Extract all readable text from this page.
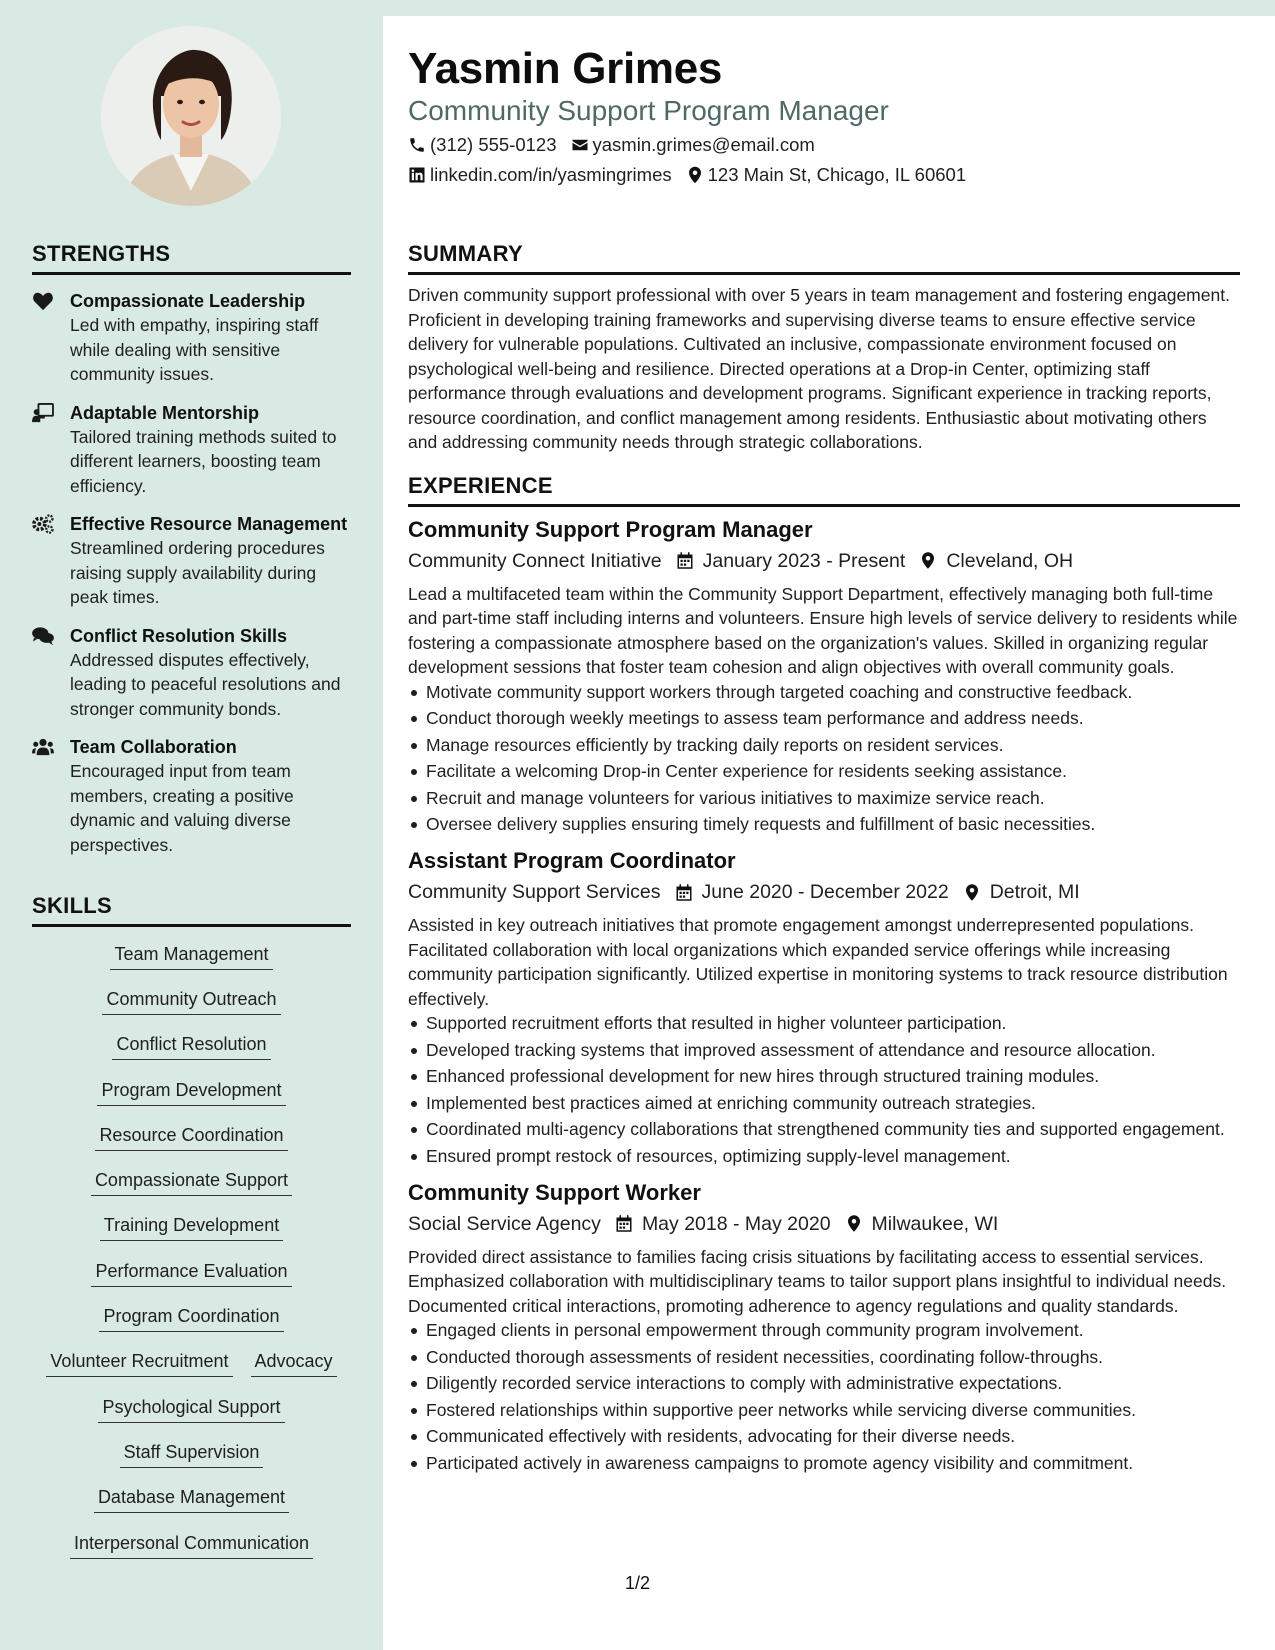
STRENGTHS
Compassionate Leadership
Led with empathy, inspiring staff while dealing with sensitive community issues.
Adaptable Mentorship
Tailored training methods suited to different learners, boosting team efficiency.
Effective Resource Management
Streamlined ordering procedures raising supply availability during peak times.
Conflict Resolution Skills
Addressed disputes effectively, leading to peaceful resolutions and stronger community bonds.
Team Collaboration
Encouraged input from team members, creating a positive dynamic and valuing diverse perspectives.
SKILLS
Team Management
Community Outreach
Conflict Resolution
Program Development
Resource Coordination
Compassionate Support
Training Development
Performance Evaluation
Program Coordination
Volunteer Recruitment Advocacy
Psychological Support
Staff Supervision
Database Management
Interpersonal Communication
Yasmin Grimes
Community Support Program Manager
(312) 555-0123 yasmin.grimes@email.com
linkedin.com/in/yasmingrimes 123 Main St, Chicago, IL 60601
SUMMARY
Driven community support professional with over 5 years in team management and fostering engagement. Proficient in developing training frameworks and supervising diverse teams to ensure effective service delivery for vulnerable populations. Cultivated an inclusive, compassionate environment focused on psychological well-being and resilience. Directed operations at a Drop-in Center, optimizing staff performance through evaluations and development programs. Significant experience in tracking reports, resource coordination, and conflict management among residents. Enthusiastic about motivating others and addressing community needs through strategic collaborations.
EXPERIENCE
Community Support Program Manager
Community Connect Initiative January 2023 - Present Cleveland, OH
Lead a multifaceted team within the Community Support Department, effectively managing both full-time and part-time staff including interns and volunteers. Ensure high levels of service delivery to residents while fostering a compassionate atmosphere based on the organization's values. Skilled in organizing regular development sessions that foster team cohesion and align objectives with overall community goals.
Motivate community support workers through targeted coaching and constructive feedback.
Conduct thorough weekly meetings to assess team performance and address needs.
Manage resources efficiently by tracking daily reports on resident services.
Facilitate a welcoming Drop-in Center experience for residents seeking assistance.
Recruit and manage volunteers for various initiatives to maximize service reach.
Oversee delivery supplies ensuring timely requests and fulfillment of basic necessities.
Assistant Program Coordinator
Community Support Services June 2020 - December 2022 Detroit, MI
Assisted in key outreach initiatives that promote engagement amongst underrepresented populations. Facilitated collaboration with local organizations which expanded service offerings while increasing community participation significantly. Utilized expertise in monitoring systems to track resource distribution effectively.
Supported recruitment efforts that resulted in higher volunteer participation.
Developed tracking systems that improved assessment of attendance and resource allocation.
Enhanced professional development for new hires through structured training modules.
Implemented best practices aimed at enriching community outreach strategies.
Coordinated multi-agency collaborations that strengthened community ties and supported engagement.
Ensured prompt restock of resources, optimizing supply-level management.
Community Support Worker
Social Service Agency May 2018 - May 2020 Milwaukee, WI
Provided direct assistance to families facing crisis situations by facilitating access to essential services. Emphasized collaboration with multidisciplinary teams to tailor support plans insightful to individual needs. Documented critical interactions, promoting adherence to agency regulations and quality standards.
Engaged clients in personal empowerment through community program involvement.
Conducted thorough assessments of resident necessities, coordinating follow-throughs.
Diligently recorded service interactions to comply with administrative expectations.
Fostered relationships within supportive peer networks while servicing diverse communities.
Communicated effectively with residents, advocating for their diverse needs.
Participated actively in awareness campaigns to promote agency visibility and commitment.
1/2
